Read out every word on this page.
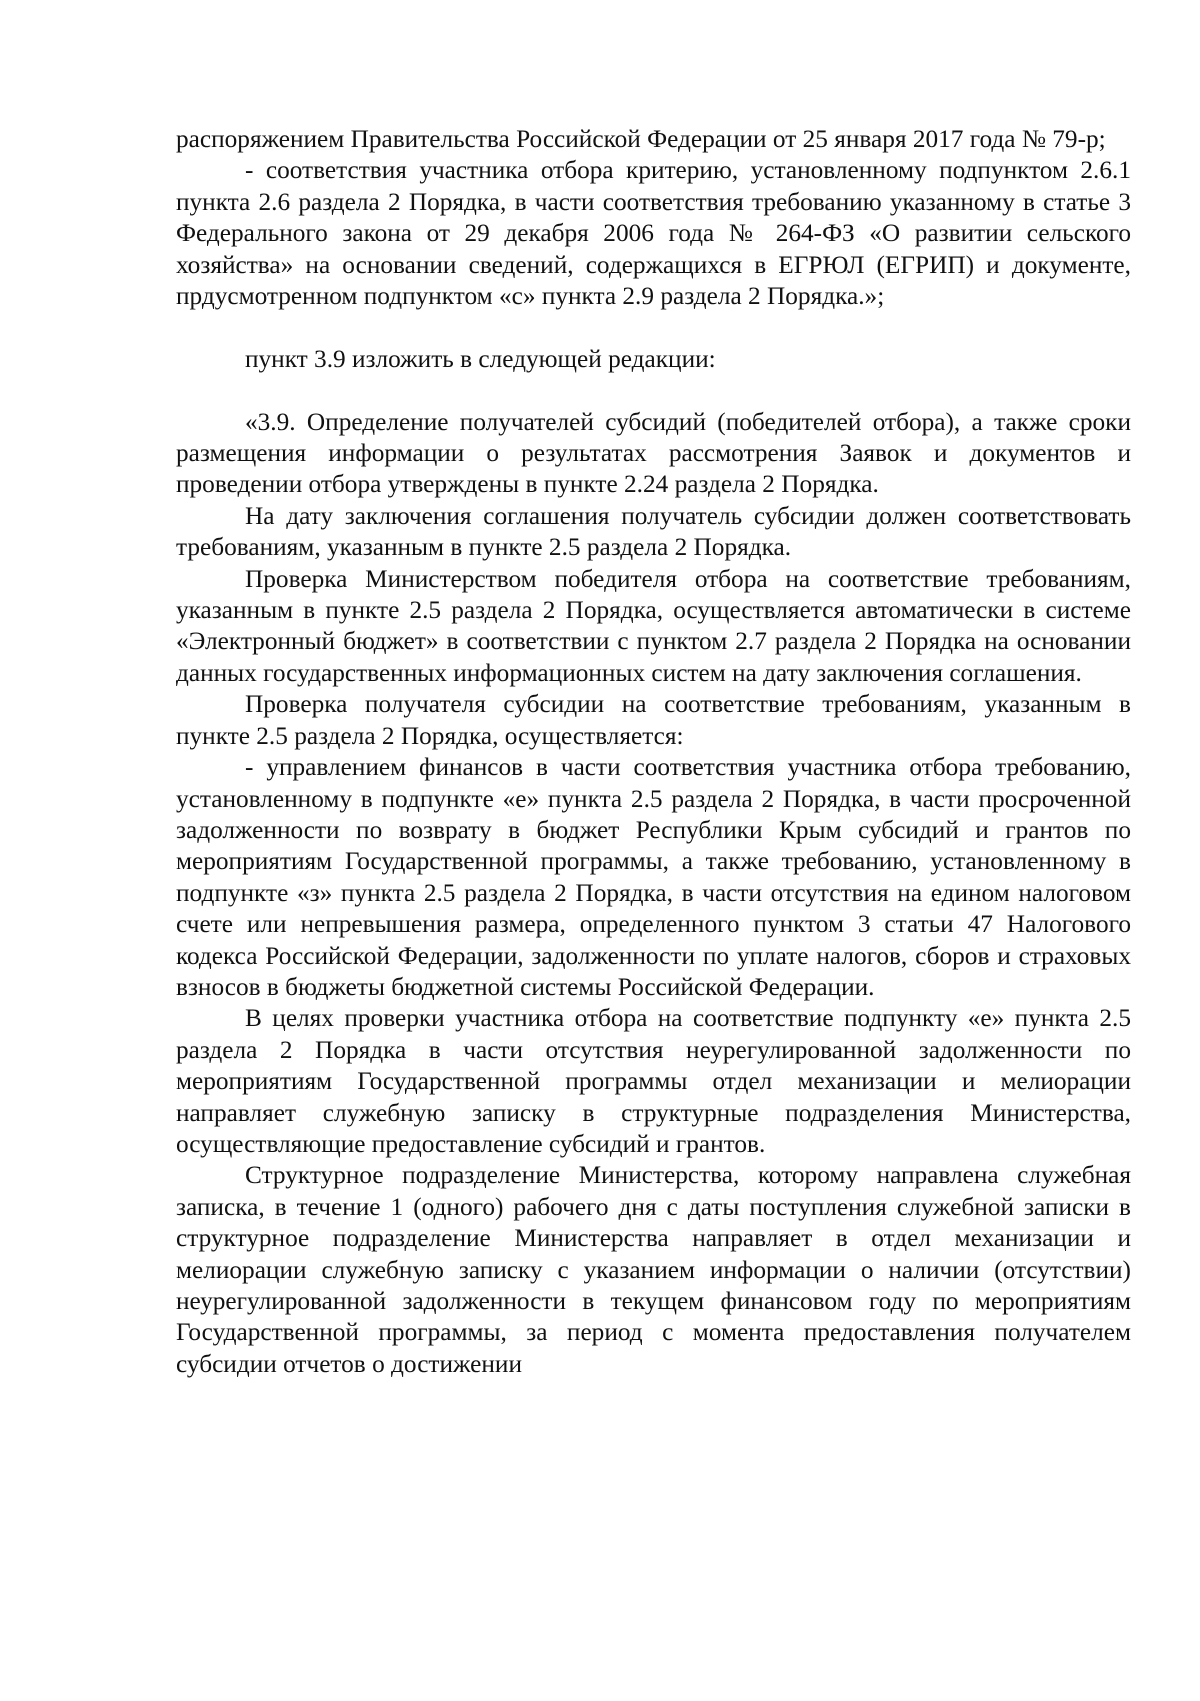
распоряжением Правительства Российской Федерации от 25 января 2017 года № 79-р;

- соответствия участника отбора критерию, установленному подпунктом 2.6.1 пункта 2.6 раздела 2 Порядка, в части соответствия требованию указанному в статье 3 Федерального закона от 29 декабря 2006 года № 264-ФЗ «О развитии сельского хозяйства» на основании сведений, содержащихся в ЕГРЮЛ (ЕГРИП) и документе, прдусмотренном подпунктом «с» пункта 2.9 раздела 2 Порядка.»;

пункт 3.9 изложить в следующей редакции:

«3.9. Определение получателей субсидий (победителей отбора), а также сроки размещения информации о результатах рассмотрения Заявок и документов и проведении отбора утверждены в пункте 2.24 раздела 2 Порядка.

На дату заключения соглашения получатель субсидии должен соответствовать требованиям, указанным в пункте 2.5 раздела 2 Порядка.

Проверка Министерством победителя отбора на соответствие требованиям, указанным в пункте 2.5 раздела 2 Порядка, осуществляется автоматически в системе «Электронный бюджет» в соответствии с пунктом 2.7 раздела 2 Порядка на основании данных государственных информационных систем на дату заключения соглашения.

Проверка получателя субсидии на соответствие требованиям, указанным в пункте 2.5 раздела 2 Порядка, осуществляется:

- управлением финансов в части соответствия участника отбора требованию, установленному в подпункте «е» пункта 2.5 раздела 2 Порядка, в части просроченной задолженности по возврату в бюджет Республики Крым субсидий и грантов по мероприятиям Государственной программы, а также требованию, установленному в подпункте «з» пункта 2.5 раздела 2 Порядка, в части отсутствия на едином налоговом счете или непревышения размера, определенного пунктом 3 статьи 47 Налогового кодекса Российской Федерации, задолженности по уплате налогов, сборов и страховых взносов в бюджеты бюджетной системы Российской Федерации.

В целях проверки участника отбора на соответствие подпункту «е» пункта 2.5 раздела 2 Порядка в части отсутствия неурегулированной задолженности по мероприятиям Государственной программы отдел механизации и мелиорации направляет служебную записку в структурные подразделения Министерства, осуществляющие предоставление субсидий и грантов.

Структурное подразделение Министерства, которому направлена служебная записка, в течение 1 (одного) рабочего дня с даты поступления служебной записки в структурное подразделение Министерства направляет в отдел механизации и мелиорации служебную записку с указанием информации о наличии (отсутствии) неурегулированной задолженности в текущем финансовом году по мероприятиям Государственной программы, за период с момента предоставления получателем субсидии отчетов о достижении
